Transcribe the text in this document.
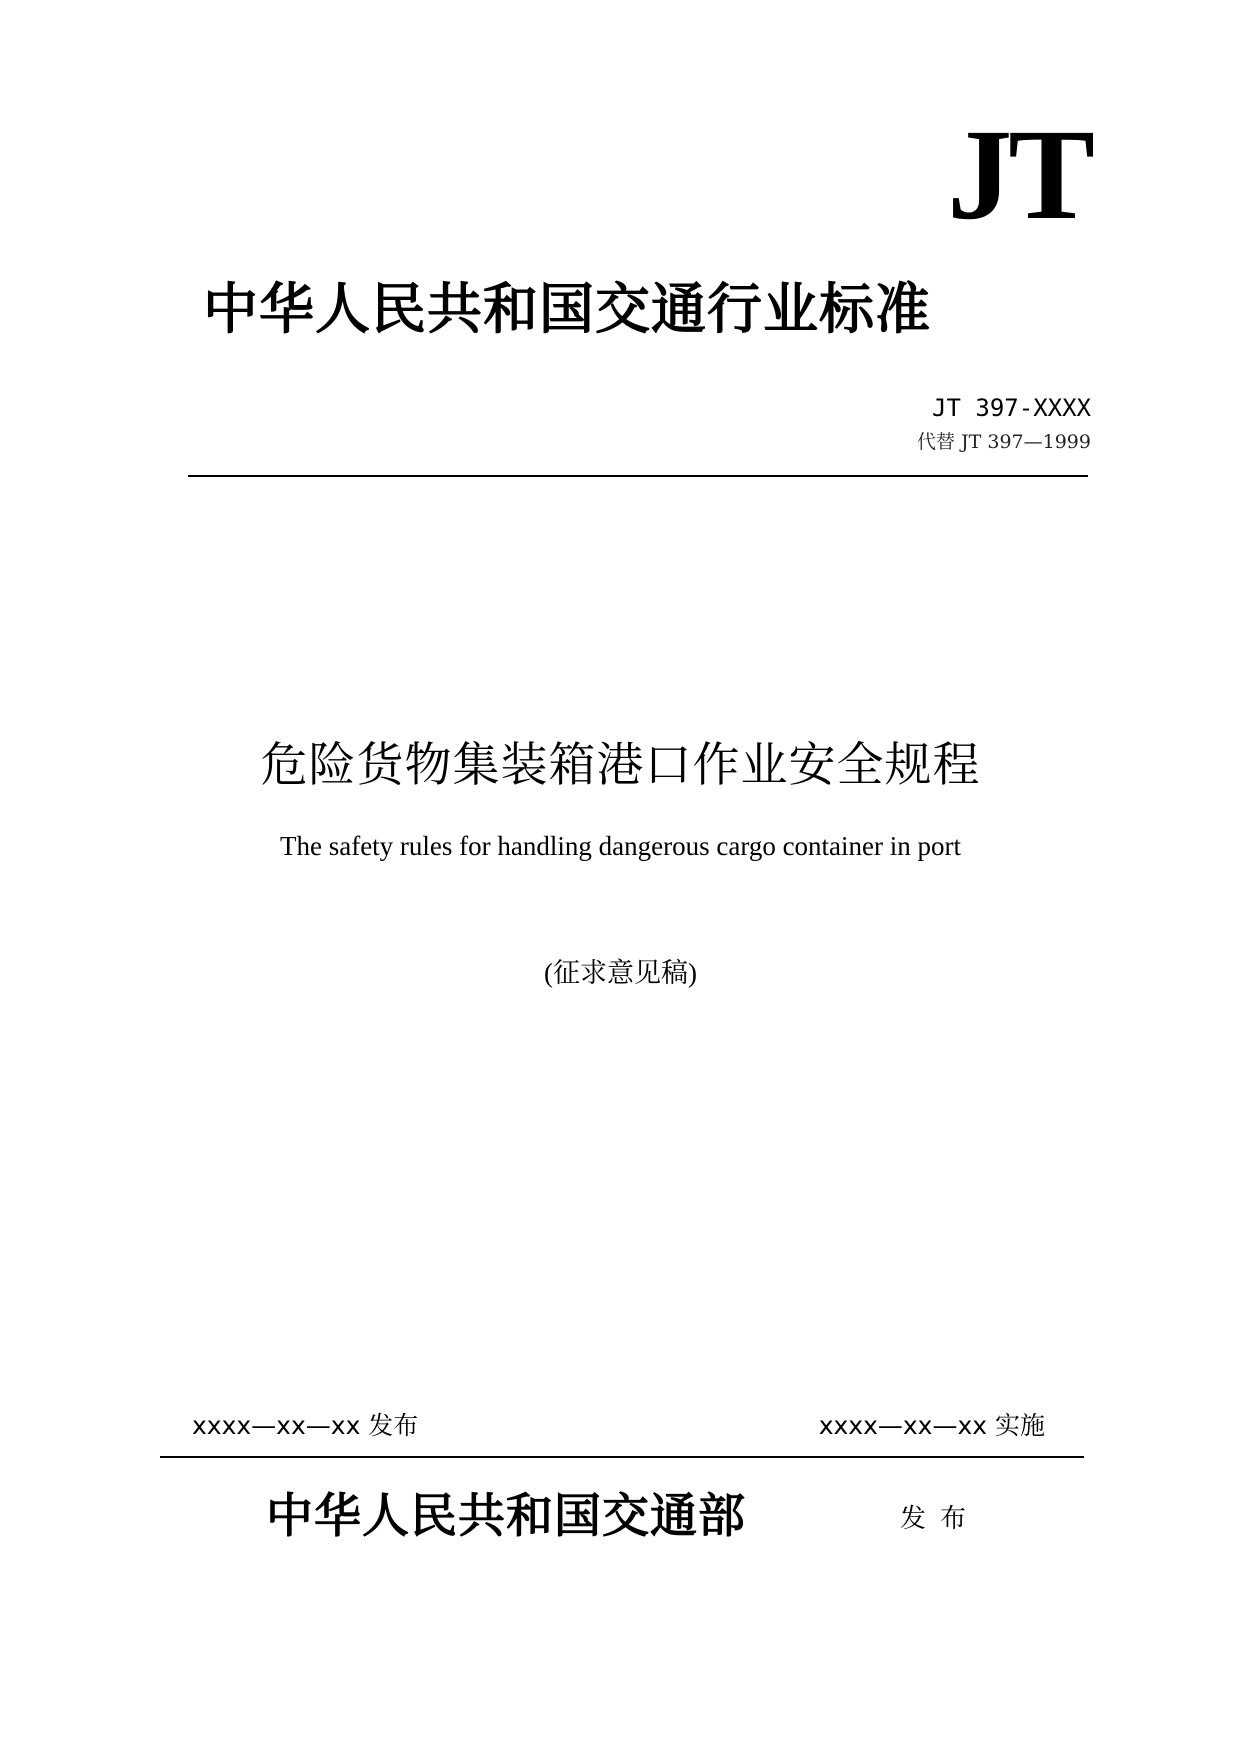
JT
中华人民共和国交通行业标准
JT 397-XXXX
代替 JT 397—1999
危险货物集装箱港口作业安全规程
The safety rules for handling dangerous cargo container in port
(征求意见稿)
xxxx—xx—xx 发布	xxxx—xx—xx 实施
中华人民共和国交通部	发布
